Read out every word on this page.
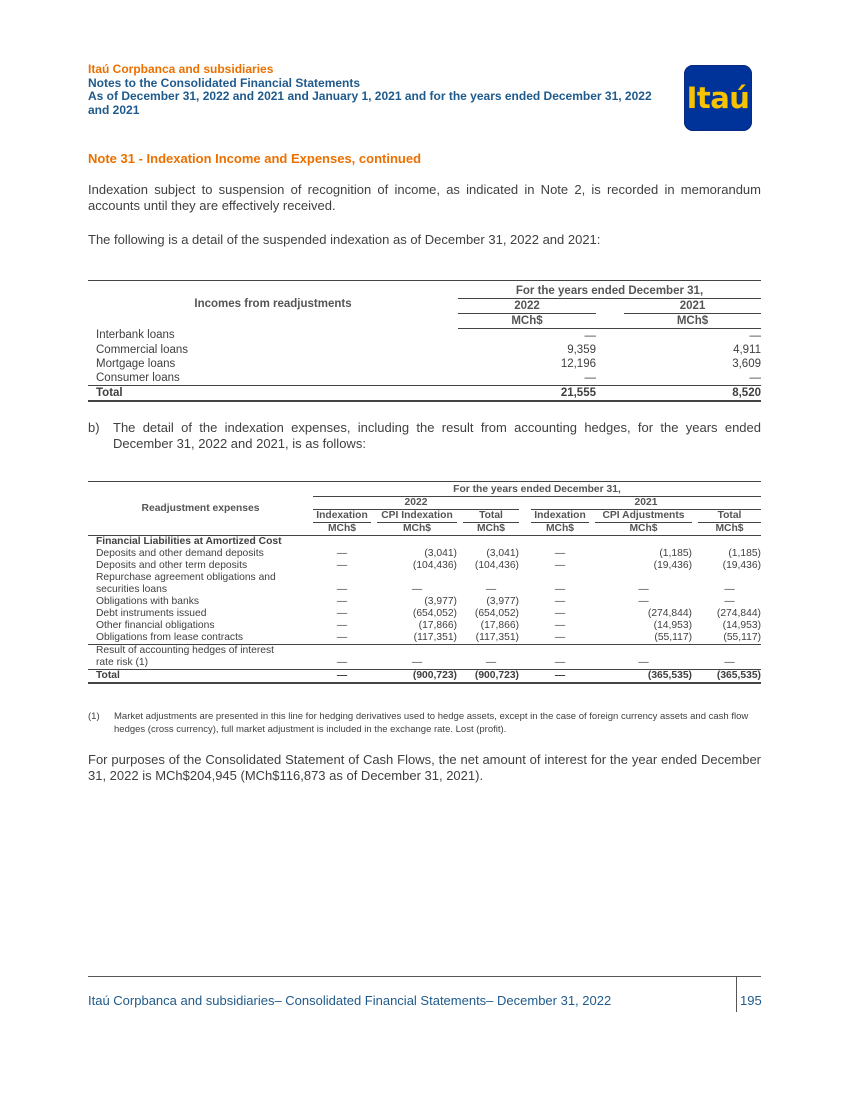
Itaú Corpbanca and subsidiaries
Notes to the Consolidated Financial Statements
As of December 31, 2022 and 2021 and January 1, 2021 and for the years ended December 31, 2022
and 2021	Itaú
Note 31 - Indexation Income and Expenses, continued
Indexation subject to suspension of recognition of income, as indicated in Note 2, is recorded in memorandum accounts until they are effectively received.
The following is a detail of the suspended indexation as of December 31, 2022 and 2021:
Incomes from readjustments	For the years ended December 31,		
	2022		2021
	MCh$		MCh$
Interbank loans	—		—
Commercial loans	9,359		4,911
Mortgage loans	12,196		3,609
Consumer loans	—		—
Total	21,555		8,520
b) The detail of the indexation expenses, including the result from accounting hedges, for the years ended December 31, 2022 and 2021, is as follows:
Readjustment expenses	For the years ended December 31,										
	2022						2021				
	Indexation		CPI Indexation		Total		Indexation		CPI Adjustments		Total
	MCh$		MCh$		MCh$		MCh$		MCh$		MCh$
Financial Liabilities at Amortized Cost											

Deposits and other demand deposits	—		(3,041)		(3,041)		—		(1,185)		(1,185)

Deposits and other term deposits	—		(104,436)		(104,436)		—		(19,436)		(19,436)

Repurchase agreement obligations and
securities loans	—		—		—		—		—		—

Obligations with banks	—		(3,977)		(3,977)		—		—		—

Debt instruments issued	—		(654,052)		(654,052)		—		(274,844)		(274,844)

Other financial obligations	—		(17,866)		(17,866)		—		(14,953)		(14,953)

Obligations from lease contracts	—		(117,351)		(117,351)		—		(55,117)		(55,117)

Result of accounting hedges of interest
rate risk (1)	—		—		—		—		—		—

Total	—		(900,723)		(900,723)		—		(365,535)		(365,535)
(1) Market adjustments are presented in this line for hedging derivatives used to hedge assets, except in the case of foreign currency assets and cash flow hedges (cross currency), full market adjustment is included in the exchange rate. Lost (profit).
For purposes of the Consolidated Statement of Cash Flows, the net amount of interest for the year ended December 31, 2022 is MCh$204,945 (MCh$116,873 as of December 31, 2021).
Itaú Corpbanca and subsidiaries– Consolidated Financial Statements– December 31, 2022	195
